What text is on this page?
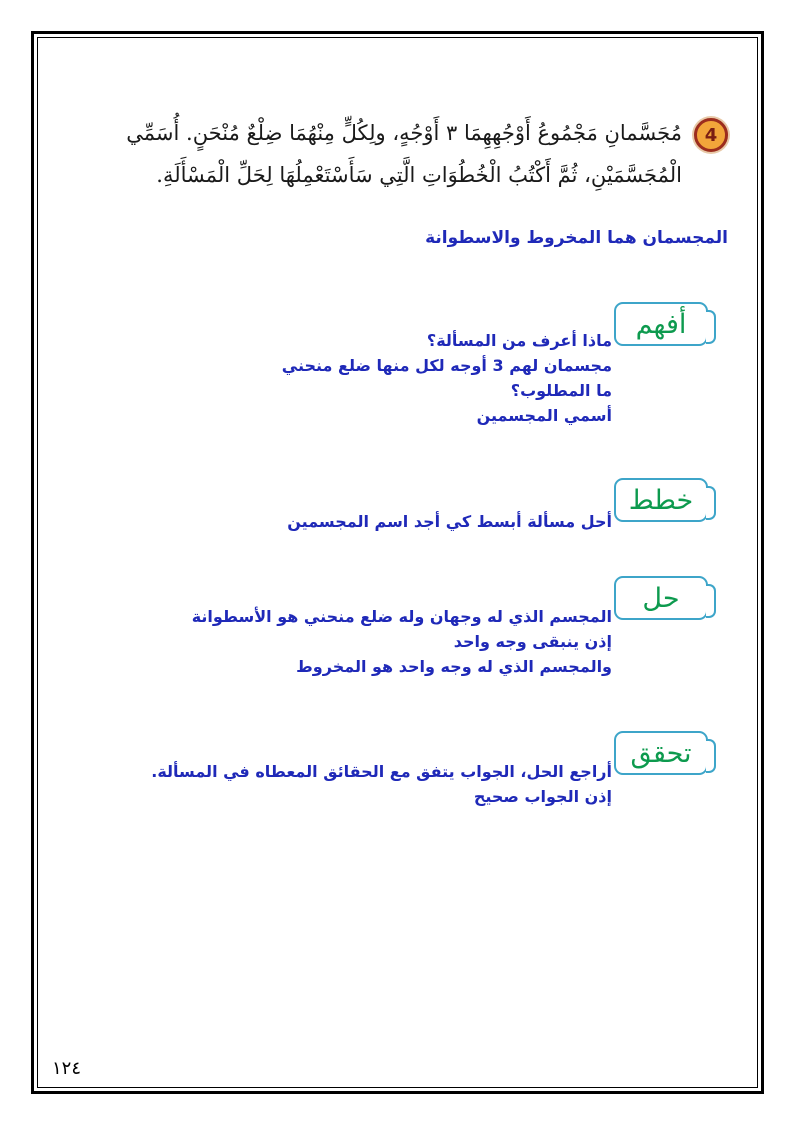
4
مُجَسَّمانِ مَجْمُوعُ أَوْجُهِهِمَا ٣ أَوْجُهٍ، ولِكُلٍّ مِنْهُمَا ضِلْعٌ مُنْحَنٍ. أُسَمِّي الْمُجَسَّمَيْنِ، ثُمَّ أَكْتُبُ الْخُطُوَاتِ الَّتِي سَأَسْتَعْمِلُهَا لِحَلِّ الْمَسْأَلَةِ.
المجسمان هما المخروط والاسطوانة
أفهم
ماذا أعرف من المسألة؟
مجسمان لهم 3 أوجه لكل منها ضلع منحني
ما المطلوب؟
أسمي المجسمين
خطط
أحل مسألة أبسط كي أجد اسم المجسمين
حل
المجسم الذي له وجهان وله ضلع منحني هو الأسطوانة
إذن ينبقى وجه واحد
والمجسم الذي له وجه واحد هو المخروط
تحقق
أراجع الحل، الجواب يتفق مع الحقائق المعطاه في المسألة.
إذن الجواب صحيح
١٢٤
